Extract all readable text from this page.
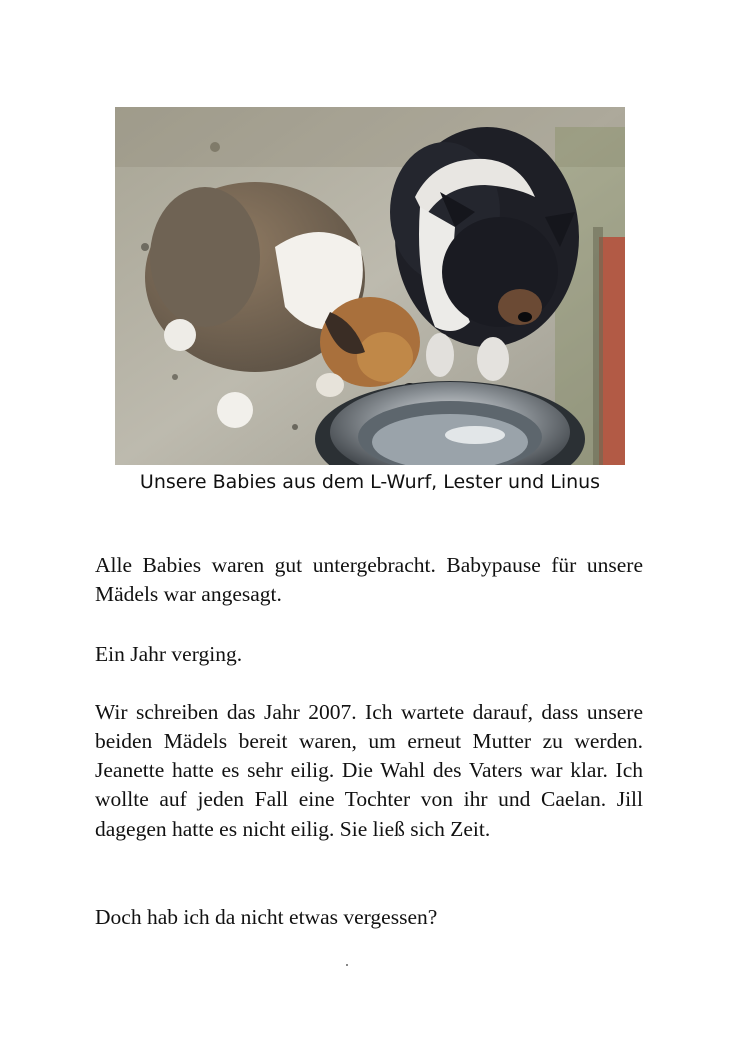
Unsere Babies aus dem L-Wurf, Lester und Linus

Alle Babies waren gut untergebracht. Babypause für unsere Mädels war angesagt.

Ein Jahr verging.

Wir schreiben das Jahr 2007. Ich wartete darauf, dass unsere beiden Mädels bereit waren, um erneut Mutter zu werden. Jeanette hatte es sehr eilig. Die Wahl des Vaters war klar. Ich wollte auf jeden Fall eine Tochter von ihr und Caelan. Jill dagegen hatte es nicht eilig. Sie ließ sich Zeit.

Doch hab ich da nicht etwas vergessen?
